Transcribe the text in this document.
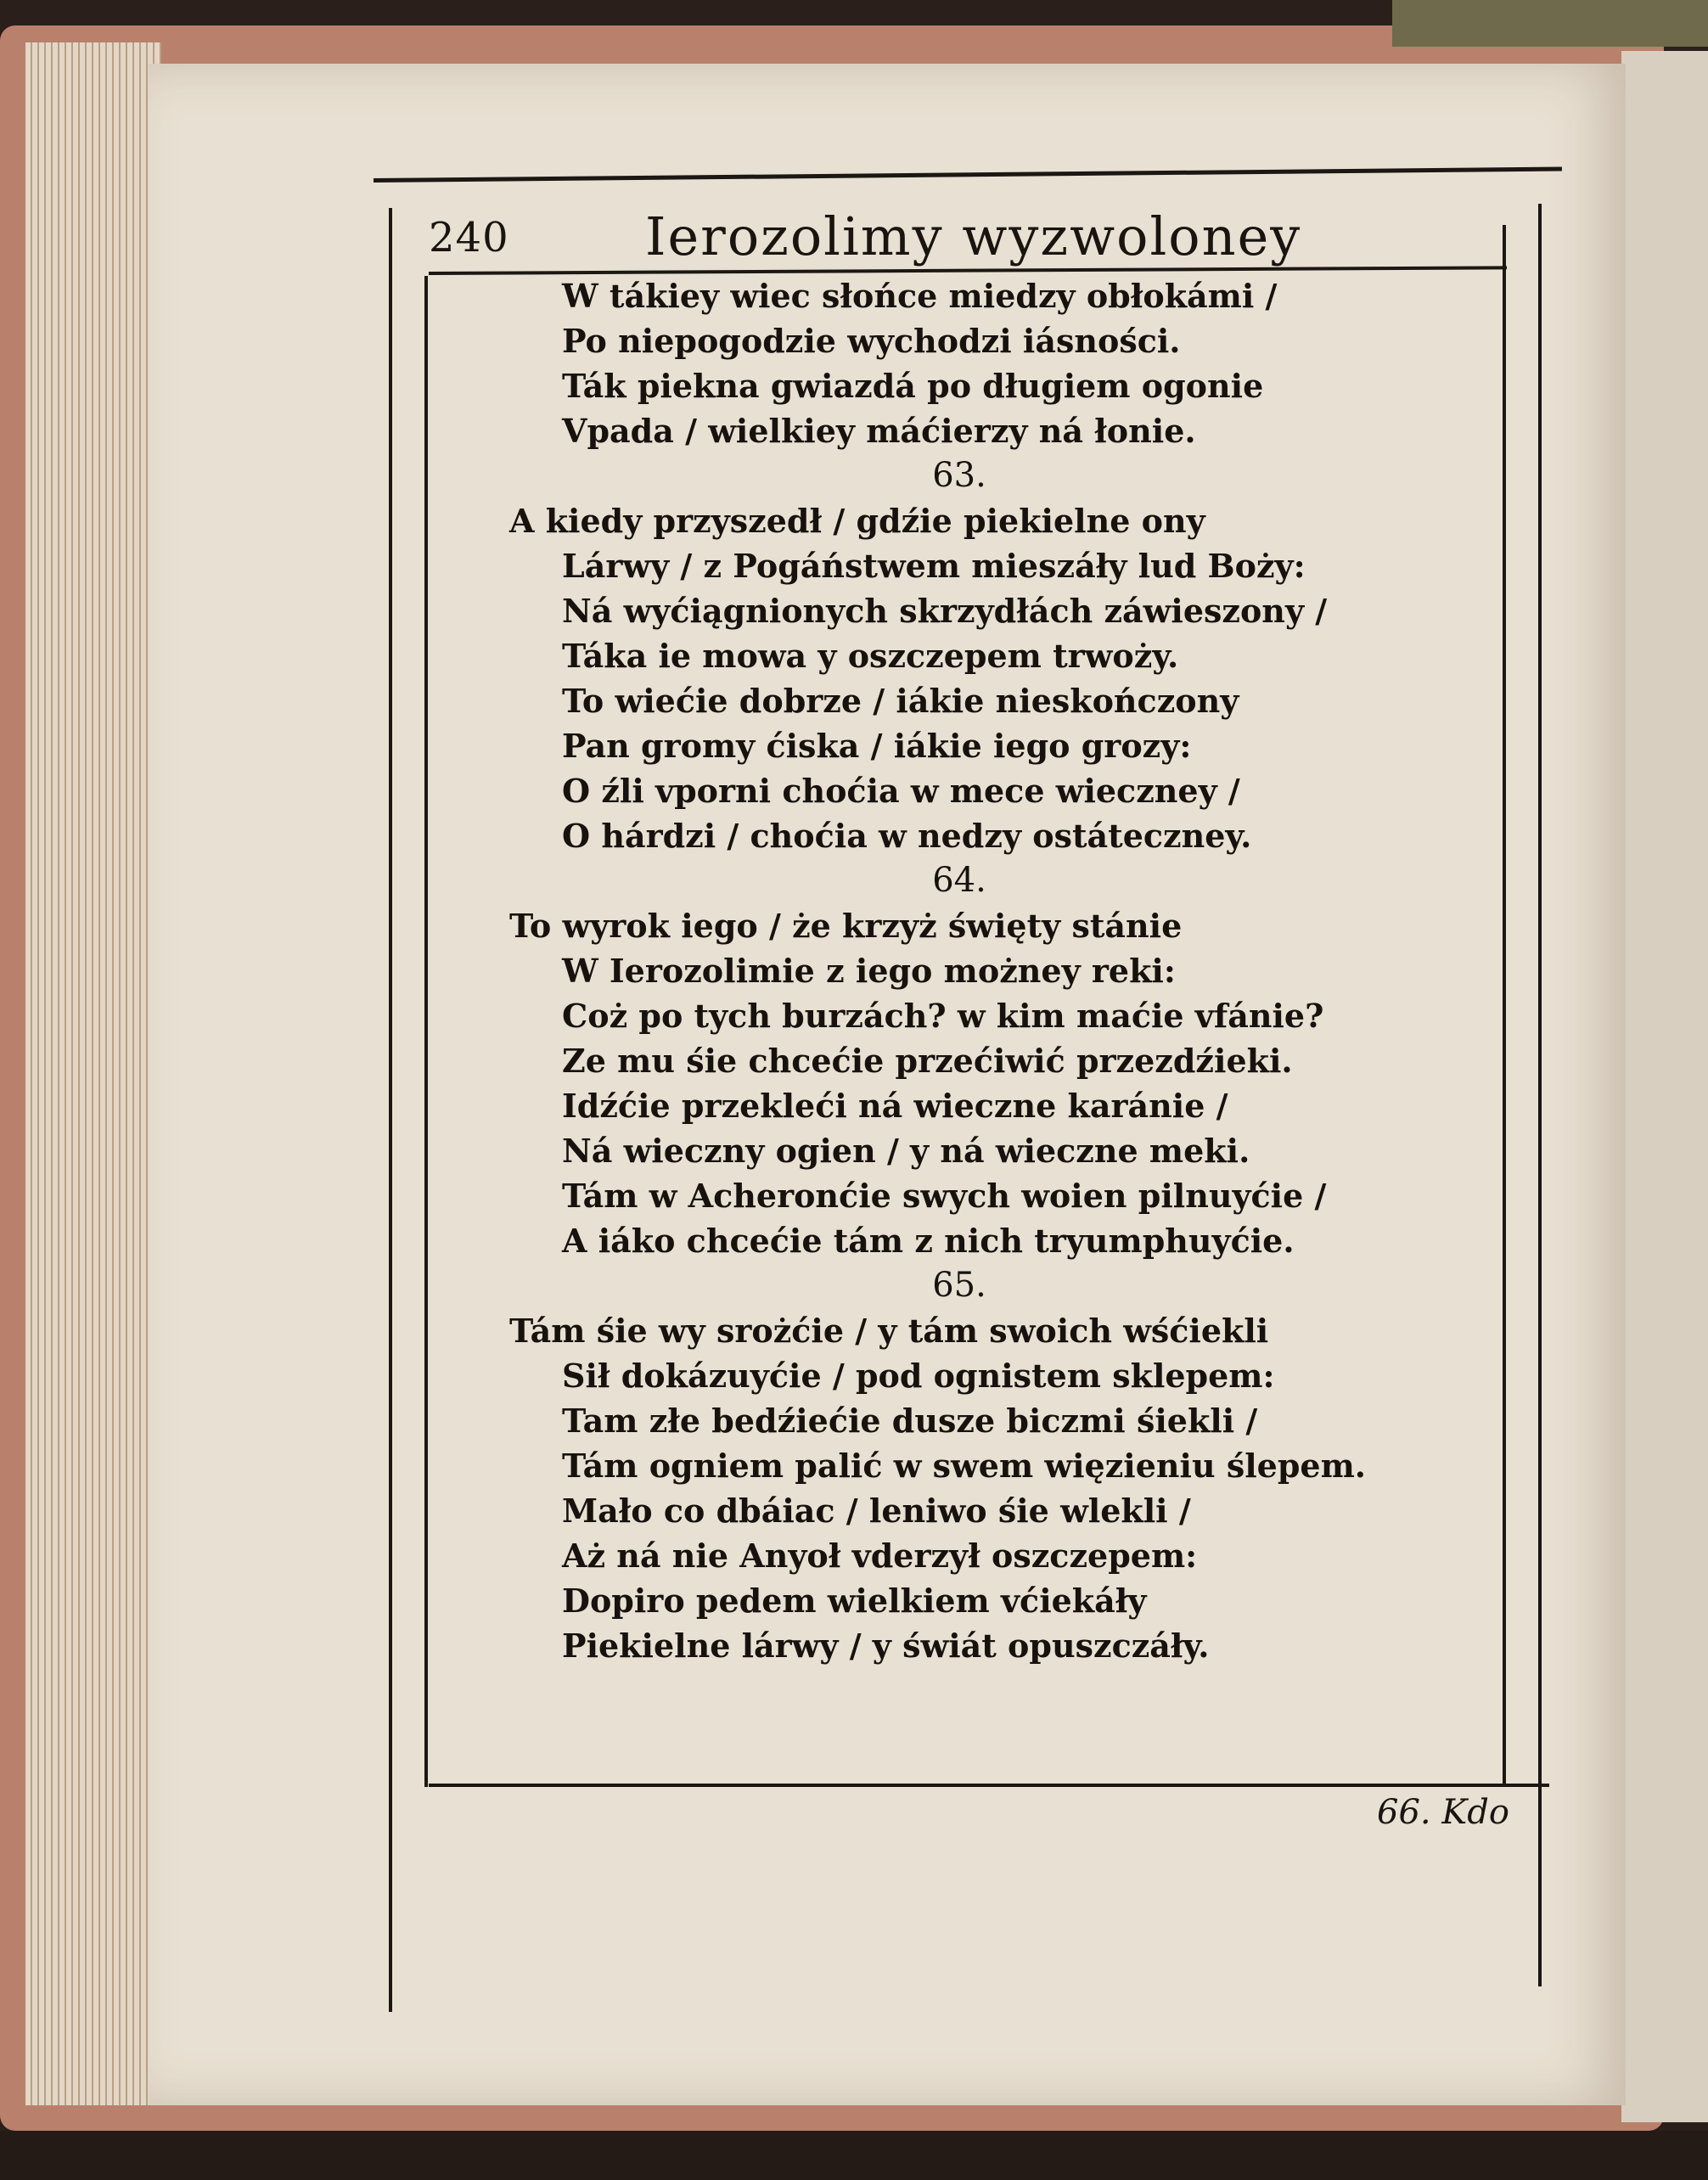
240	Ierozolimy wyzwoloney
W tákiey wiec słońce miedzy obłokámi /
Po niepogodzie wychodzi iásności.
Ták piekna gwiazdá po długiem ogonie
Vpada / wielkiey máćierzy ná łonie.
63.
A kiedy przyszedł / gdźie piekielne ony
Lárwy / z Pogáństwem mieszáły lud Boży:
Ná wyćiągnionych skrzydłách záwieszony /
Táka ie mowa y oszczepem trwoży.
To wiećie dobrze / iákie nieskończony
Pan gromy ćiska / iákie iego grozy:
O źli vporni choćia w mece wieczney /
O hárdzi / choćia w nedzy ostáteczney.
64.
To wyrok iego / że krzyż święty stánie
W Ierozolimie z iego możney reki:
Coż po tych burzách? w kim maćie vfánie?
Ze mu śie chcećie przećiwić przezdźieki.
Idźćie przekleći ná wieczne karánie /
Ná wieczny ogien / y ná wieczne meki.
Tám w Acheronćie swych woien pilnuyćie /
A iáko chcećie tám z nich tryumphuyćie.
65.
Tám śie wy srożćie / y tám swoich wśćiekli
Sił dokázuyćie / pod ognistem sklepem:
Tam złe bedźiećie dusze biczmi śiekli /
Tám ogniem palić w swem więzieniu ślepem.
Mało co dbáiac / leniwo śie wlekli /
Aż ná nie Anyoł vderzył oszczepem:
Dopiro pedem wielkiem vćiekáły
Piekielne lárwy / y świát opuszczáły.
66. Kdo
